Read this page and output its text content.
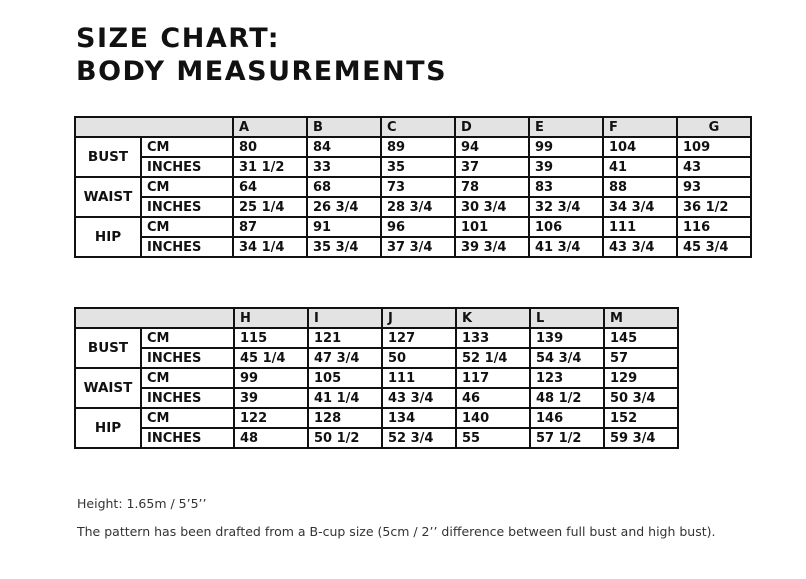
SIZE CHART:
BODY MEASUREMENTS
		A	B	C	D	E	F	G
BUST	CM	80	84	89	94	99	104	109
	INCHES	31 1/2	33	35	37	39	41	43
WAIST	CM	64	68	73	78	83	88	93
	INCHES	25 1/4	26 3/4	28 3/4	30 3/4	32 3/4	34 3/4	36 1/2
HIP	CM	87	91	96	101	106	111	116
	INCHES	34 1/4	35 3/4	37 3/4	39 3/4	41 3/4	43 3/4	45 3/4
		H	I	J	K	L	M
BUST	CM	115	121	127	133	139	145
	INCHES	45 1/4	47 3/4	50	52 1/4	54 3/4	57
WAIST	CM	99	105	111	117	123	129
	INCHES	39	41 1/4	43 3/4	46	48 1/2	50 3/4
HIP	CM	122	128	134	140	146	152
	INCHES	48	50 1/2	52 3/4	55	57 1/2	59 3/4

Height: 1.65m / 5’5’’

The pattern has been drafted from a B-cup size (5cm / 2’’ difference between full bust and high bust).
